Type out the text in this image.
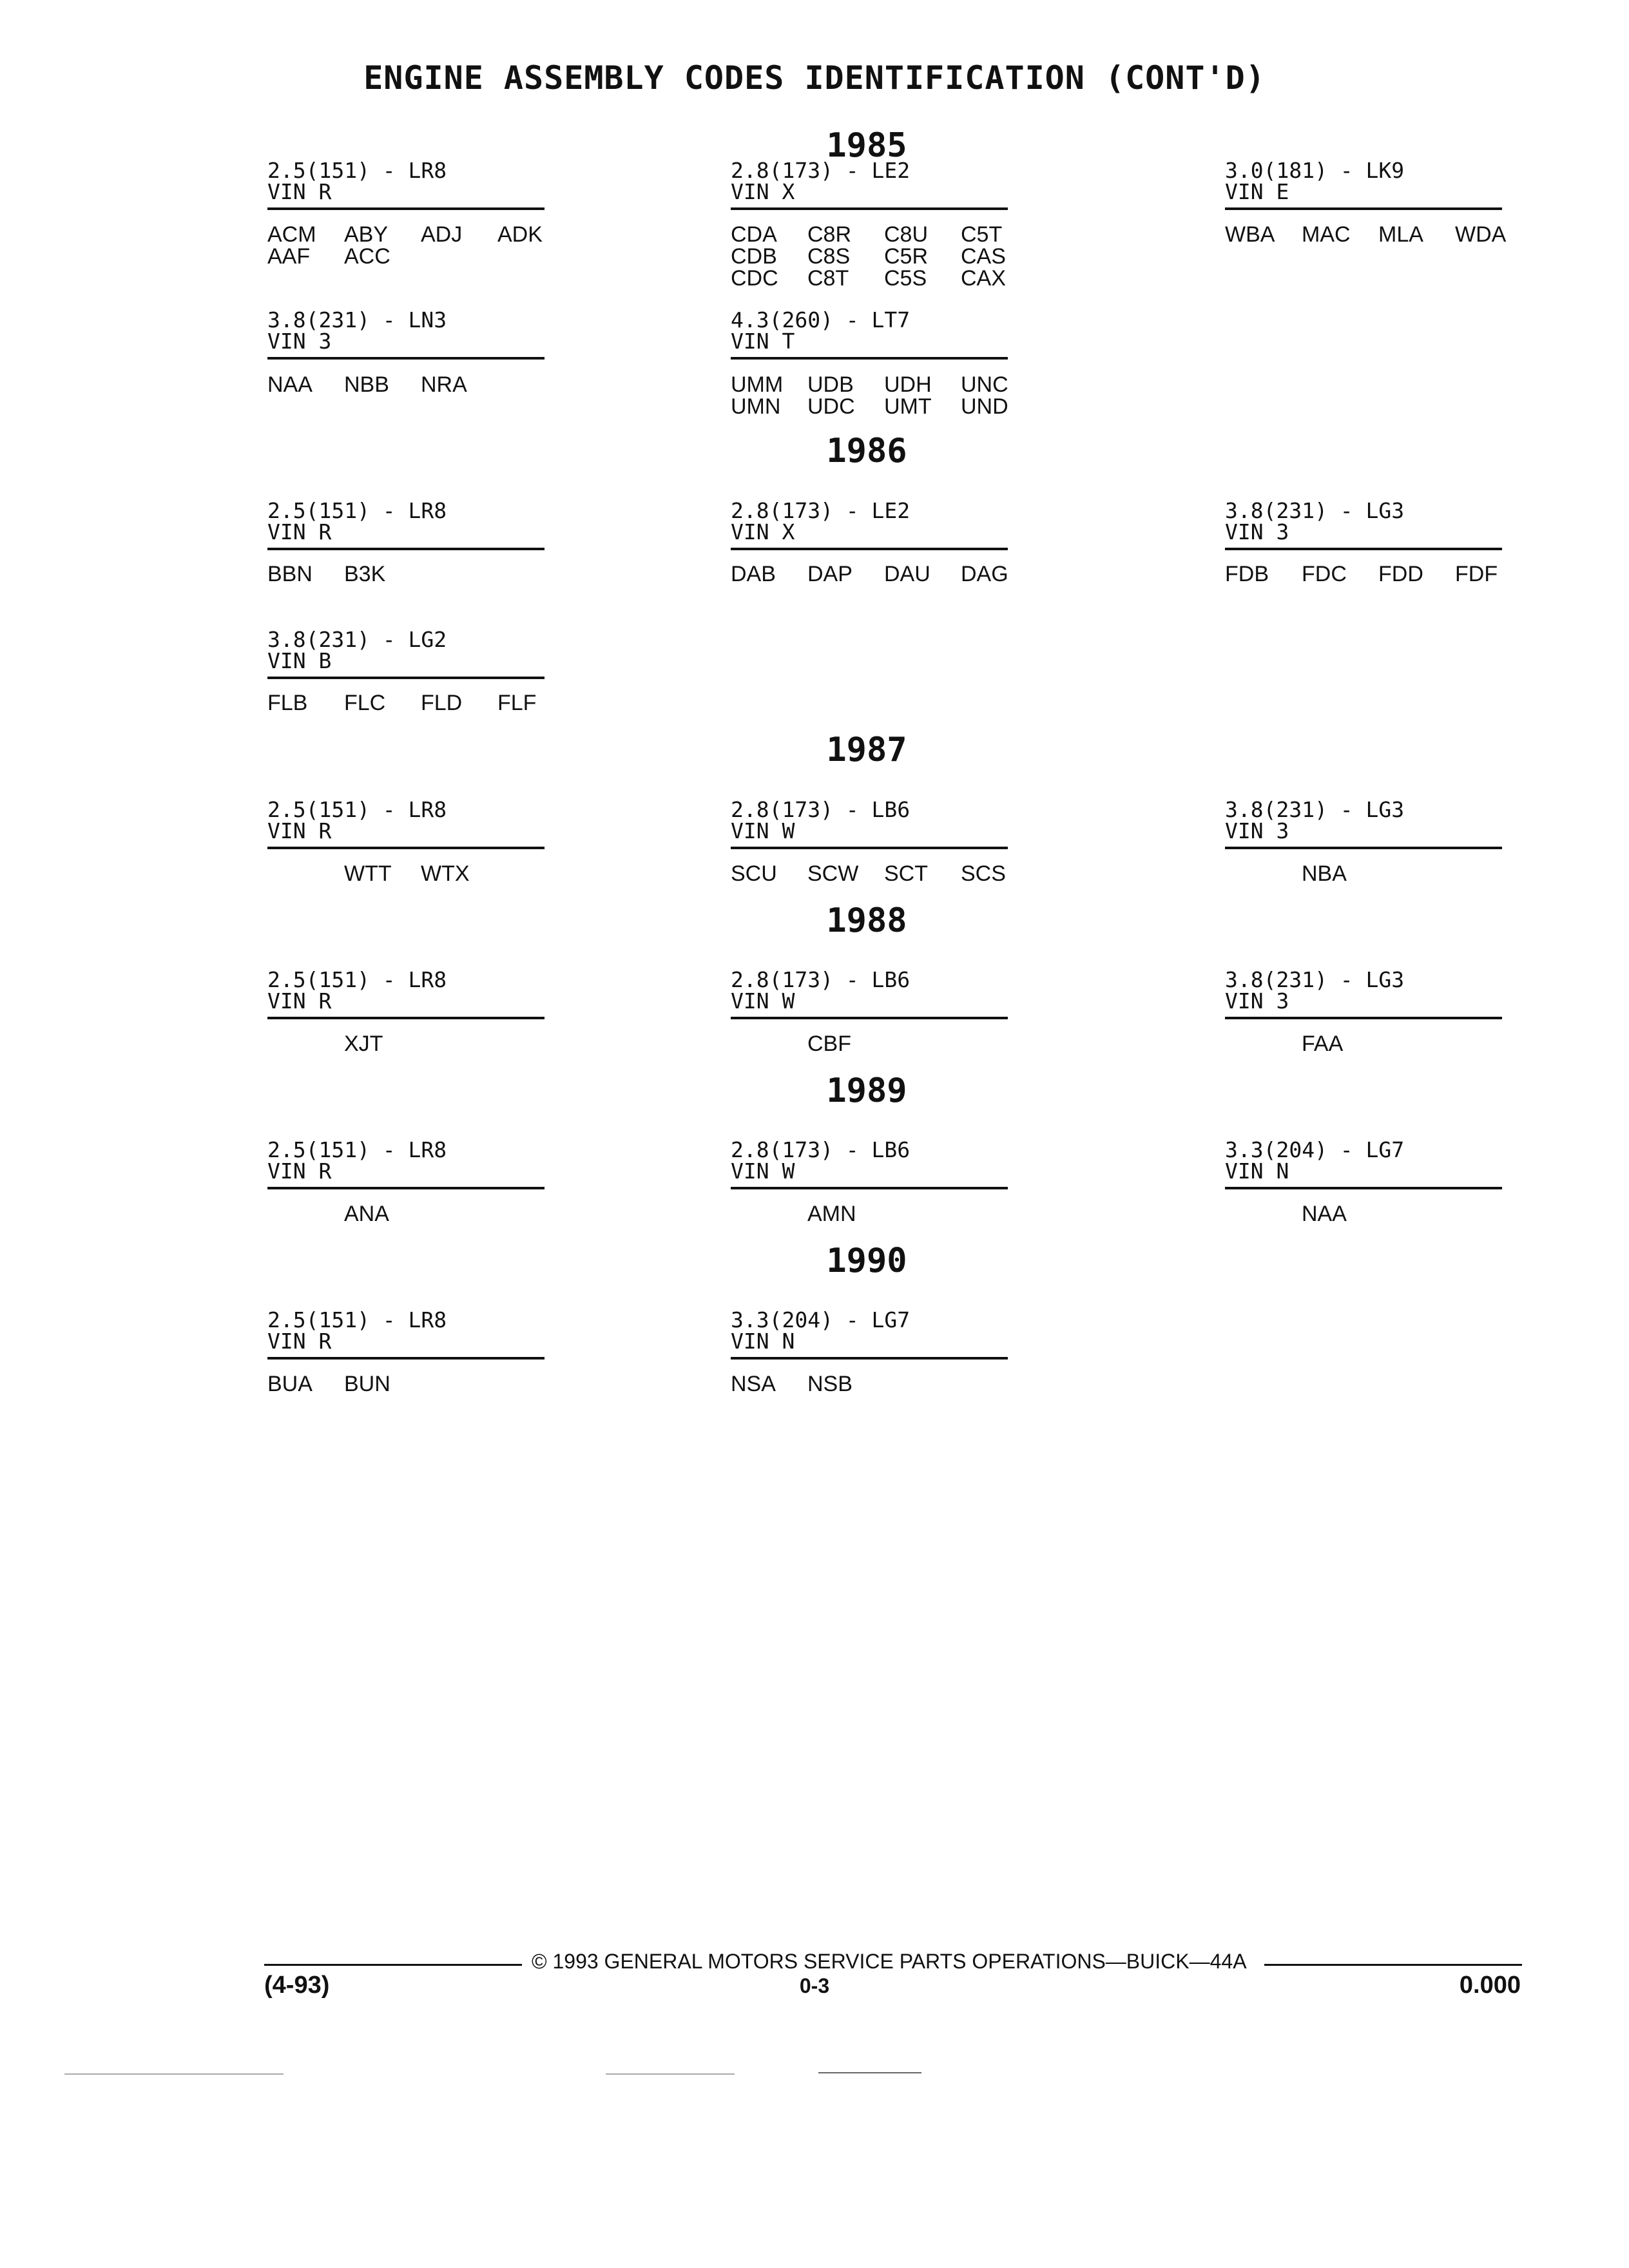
ENGINE ASSEMBLY CODES IDENTIFICATION (CONT'D)
1985
1986
1987
1988
1989
1990
2.5(151) - LR8
VIN R
ACM	ABY	ADJ	ADK
AAF	ACC
2.8(173) - LE2
VIN X
CDA	C8R	C8U	C5T
CDB	C8S	C5R	CAS
CDC	C8T	C5S	CAX
3.0(181) - LK9
VIN E
WBA	MAC	MLA	WDA
3.8(231) - LN3
VIN 3
NAA	NBB	NRA
4.3(260) - LT7
VIN T
UMM	UDB	UDH	UNC
UMN	UDC	UMT	UND
2.5(151) - LR8
VIN R
BBN	B3K
2.8(173) - LE2
VIN X
DAB	DAP	DAU	DAG
3.8(231) - LG3
VIN 3
FDB	FDC	FDD	FDF
3.8(231) - LG2
VIN B
FLB	FLC	FLD	FLF
2.5(151) - LR8
VIN R
WTT	WTX
2.8(173) - LB6
VIN W
SCU	SCW	SCT	SCS
3.8(231) - LG3
VIN 3
NBA
2.5(151) - LR8
VIN R
XJT
2.8(173) - LB6
VIN W
CBF
3.8(231) - LG3
VIN 3
FAA
2.5(151) - LR8
VIN R
ANA
2.8(173) - LB6
VIN W
AMN
3.3(204) - LG7
VIN N
NAA
2.5(151) - LR8
VIN R
BUA	BUN
3.3(204) - LG7
VIN N
NSA	NSB
© 1993 GENERAL MOTORS SERVICE PARTS OPERATIONS—BUICK—44A
(4-93)	0-3	0.000
